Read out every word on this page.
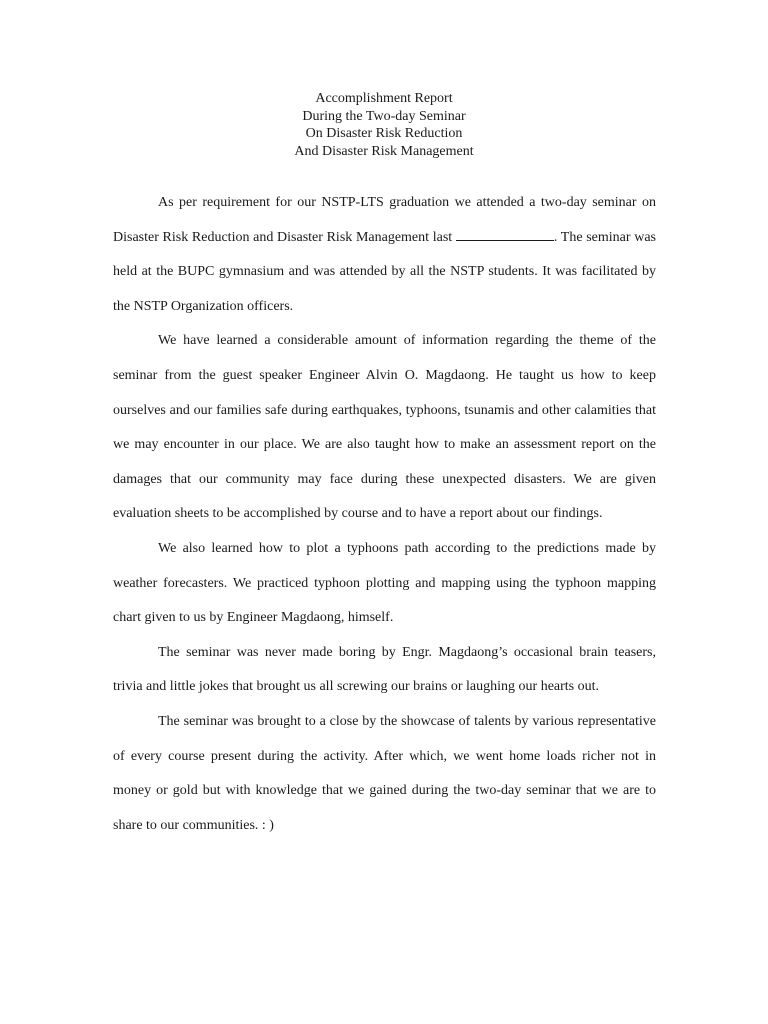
Accomplishment Report
During the Two-day Seminar
On Disaster Risk Reduction
And Disaster Risk Management

As per requirement for our NSTP-LTS graduation we attended a two-day seminar on Disaster Risk Reduction and Disaster Risk Management last	. The seminar was held at the BUPC gymnasium and was attended by all the NSTP students. It was facilitated by the NSTP Organization officers.

We have learned a considerable amount of information regarding the theme of the seminar from the guest speaker Engineer Alvin O. Magdaong. He taught us how to keep ourselves and our families safe during earthquakes, typhoons, tsunamis and other calamities that we may encounter in our place. We are also taught how to make an assessment report on the damages that our community may face during these unexpected disasters. We are given evaluation sheets to be accomplished by course and to have a report about our findings.

We also learned how to plot a typhoons path according to the predictions made by weather forecasters. We practiced typhoon plotting and mapping using the typhoon mapping chart given to us by Engineer Magdaong, himself.

The seminar was never made boring by Engr. Magdaong’s occasional brain teasers, trivia and little jokes that brought us all screwing our brains or laughing our hearts out.

The seminar was brought to a close by the showcase of talents by various representative of every course present during the activity. After which, we went home loads richer not in money or gold but with knowledge that we gained during the two-day seminar that we are to share to our communities. : )
